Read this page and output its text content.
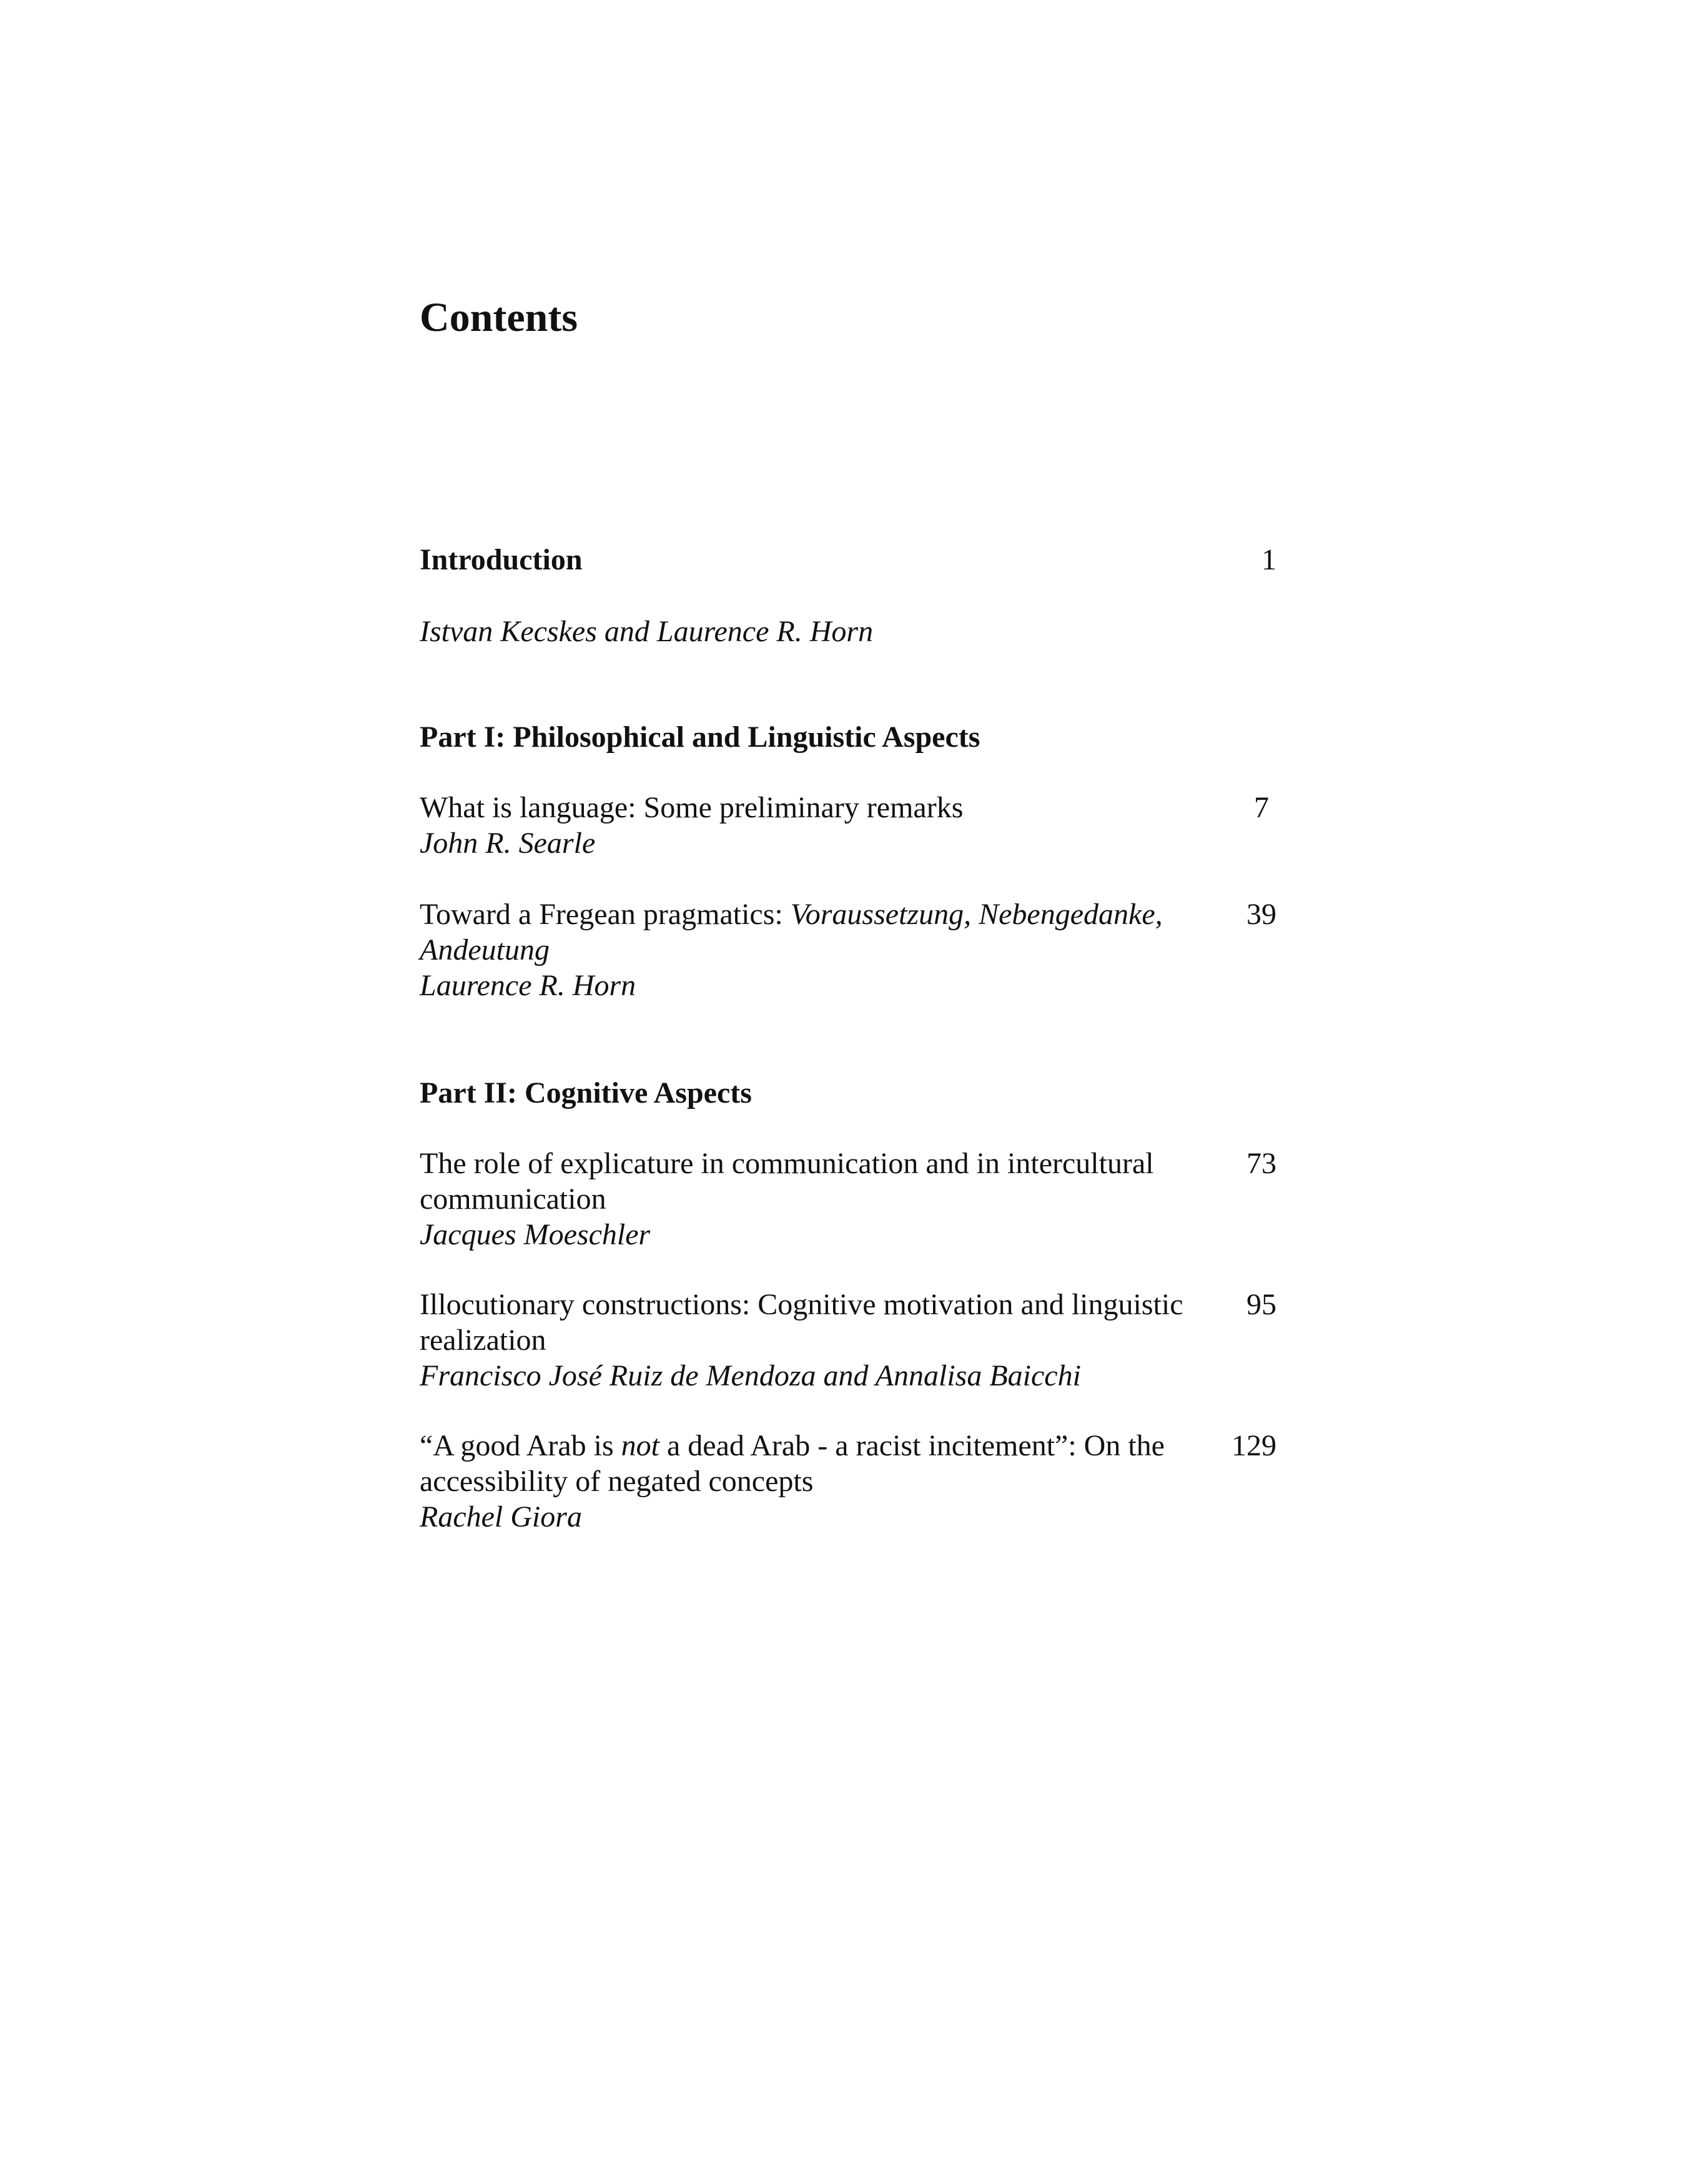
Contents
Introduction	1
Istvan Kecskes and Laurence R. Horn
Part I: Philosophical and Linguistic Aspects
What is language: Some preliminary remarks	7
John R. Searle
Toward a Fregean pragmatics: Voraussetzung, Nebengedanke,	39
Andeutung
Laurence R. Horn
Part II: Cognitive Aspects
The role of explicature in communication and in intercultural	73
communication
Jacques Moeschler
Illocutionary constructions: Cognitive motivation and linguistic 95
realization
Francisco José Ruiz de Mendoza and Annalisa Baicchi
“A good Arab is not a dead Arab - a racist incitement”: On the	129
accessibility of negated concepts
Rachel Giora
